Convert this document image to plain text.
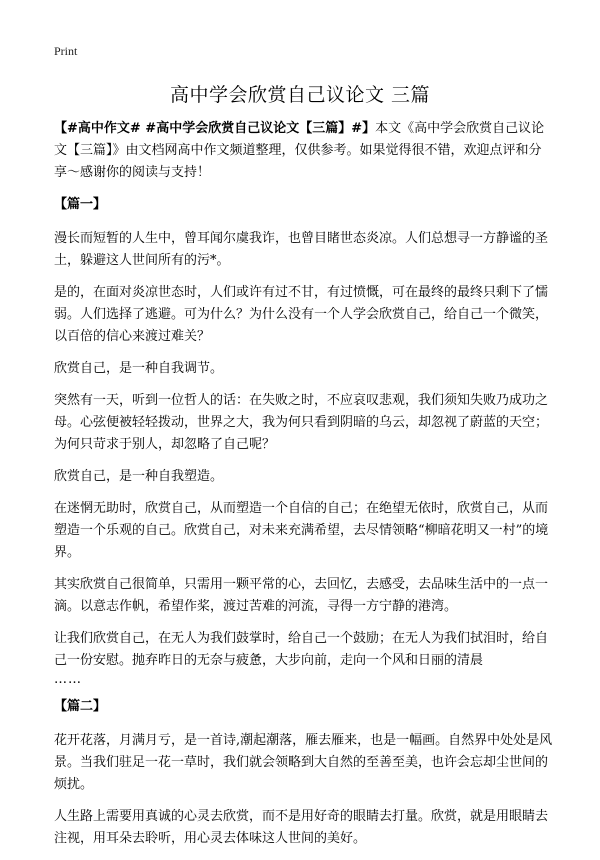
Print
高中学会欣赏自己议论文 三篇

【#高中作文# #高中学会欣赏自己议论文【三篇】#】本文《高中学会欣赏自己议论文【三篇】》由文档网高中作文频道整理，仅供参考。如果觉得很不错，欢迎点评和分享～感谢你的阅读与支持！

【篇一】

漫长而短暂的人生中，曾耳闻尔虞我诈，也曾目睹世态炎凉。人们总想寻一方静谧的圣土，躲避这人世间所有的污*。

是的，在面对炎凉世态时，人们或许有过不甘，有过愤慨，可在最终的最终只剩下了懦弱。人们选择了逃避。可为什么？为什么没有一个人学会欣赏自己，给自己一个微笑，以百倍的信心来渡过难关？

欣赏自己，是一种自我调节。

突然有一天，听到一位哲人的话：在失败之时，不应哀叹悲观，我们须知失败乃成功之母。心弦便被轻轻拨动，世界之大，我为何只看到阴暗的乌云，却忽视了蔚蓝的天空；为何只苛求于别人，却忽略了自己呢？

欣赏自己，是一种自我塑造。

在迷惘无助时，欣赏自己，从而塑造一个自信的自己；在绝望无依时，欣赏自己，从而塑造一个乐观的自己。欣赏自己，对未来充满希望，去尽情领略“柳暗花明又一村”的境界。

其实欣赏自己很简单，只需用一颗平常的心，去回忆，去感受，去品味生活中的一点一滴。以意志作帆，希望作桨，渡过苦难的河流，寻得一方宁静的港湾。

让我们欣赏自己，在无人为我们鼓掌时，给自己一个鼓励；在无人为我们拭泪时，给自己一份安慰。抛弃昨日的无奈与疲惫，大步向前，走向一个风和日丽的清晨

……

【篇二】

花开花落，月满月亏，是一首诗,潮起潮落，雁去雁来，也是一幅画。自然界中处处是风景。当我们驻足一花一草时，我们就会领略到大自然的至善至美，也许会忘却尘世间的烦扰。

人生路上需要用真诚的心灵去欣赏，而不是用好奇的眼睛去打量。欣赏，就是用眼睛去注视，用耳朵去聆听，用心灵去体味这人世间的美好。
